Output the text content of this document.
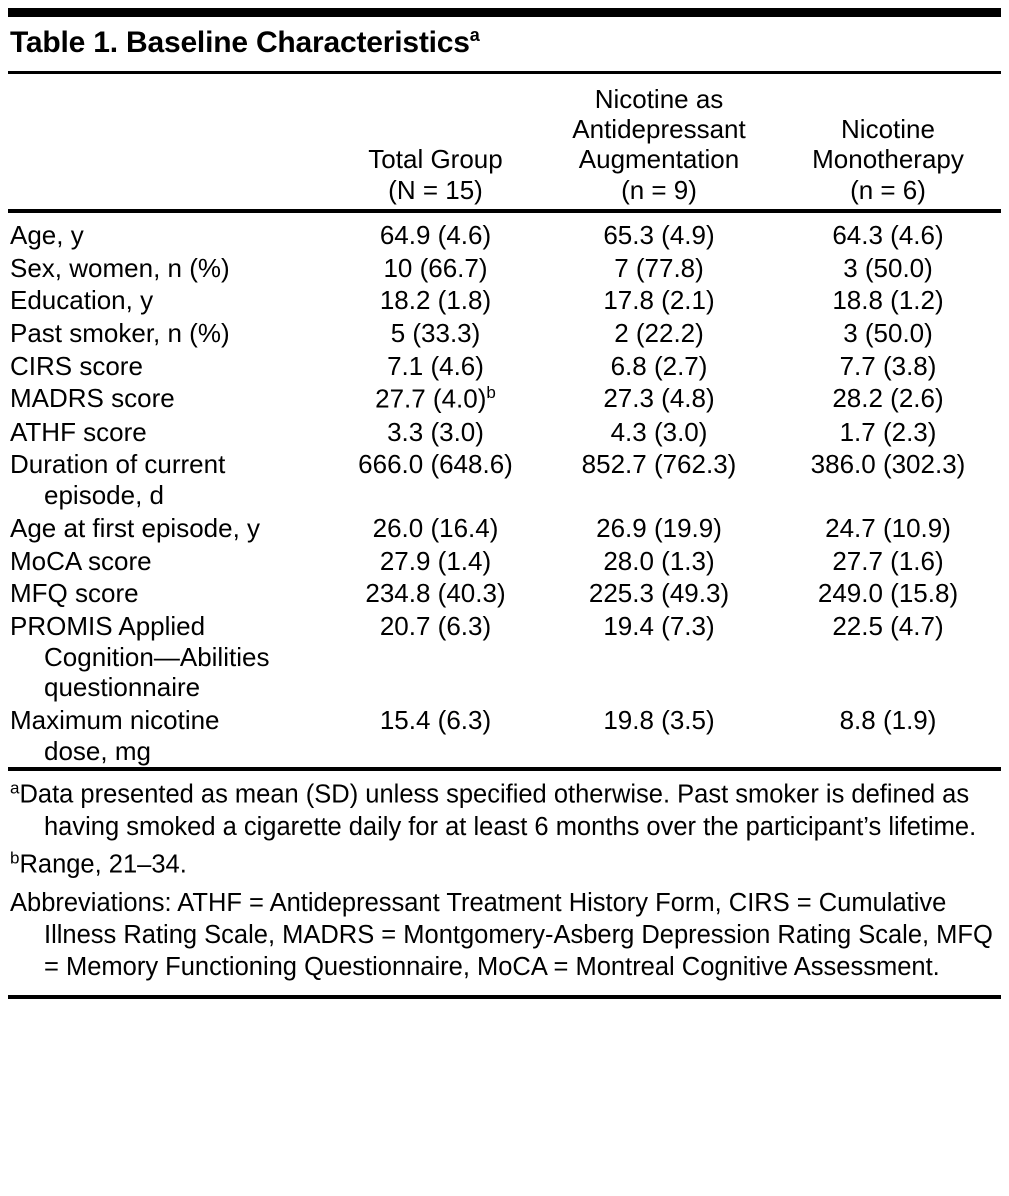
Table 1. Baseline Characteristics$^a$

Total Group
(N = 15)

Nicotine as
Antidepressant
Augmentation
(n = 9)

Nicotine
Monotherapy
(n = 6)

Age, y	64.9 (4.6)	65.3 (4.9)	64.3 (4.6)
Sex, women, n (%)	10 (66.7)	7 (77.8)	3 (50.0)
Education, y	18.2 (1.8)	17.8 (2.1)	18.8 (1.2)
Past smoker, n (%)	5 (33.3)	2 (22.2)	3 (50.0)
CIRS score	7.1 (4.6)	6.8 (2.7)	7.7 (3.8)
MADRS score	27.7 $(4.0)^b$	27.3 (4.8)	28.2 (2.6)
ATHF score	3.3 (3.0)	4.3 (3.0)	1.7 (2.3)
Duration of current
episode, d	666.0 (648.6)	852.7 (762.3)	386.0 (302.3)
Age at first episode, y	26.0 (16.4)	26.9 (19.9)	24.7 (10.9)
MoCA score	27.9 (1.4)	28.0 (1.3)	27.7 (1.6)
MFQ score	234.8 (40.3)	225.3 (49.3)	249.0 (15.8)
PROMIS Applied
Cognition—Abilities
questionnaire	20.7 (6.3)	19.4 (7.3)	22.5 (4.7)
Maximum nicotine
dose, mg	15.4 (6.3)	19.8 (3.5)	8.8 (1.9)
$^a$Data presented as mean (SD) unless specified otherwise. Past smoker is defined as having smoked a cigarette daily for at least 6 months over the participant’s lifetime.
$^b$Range, 21–34.
Abbreviations: ATHF = Antidepressant Treatment History Form, CIRS = Cumulative Illness Rating Scale, MADRS = Montgomery-Asberg Depression Rating Scale, MFQ = Memory Functioning Questionnaire, MoCA = Montreal Cognitive Assessment.
